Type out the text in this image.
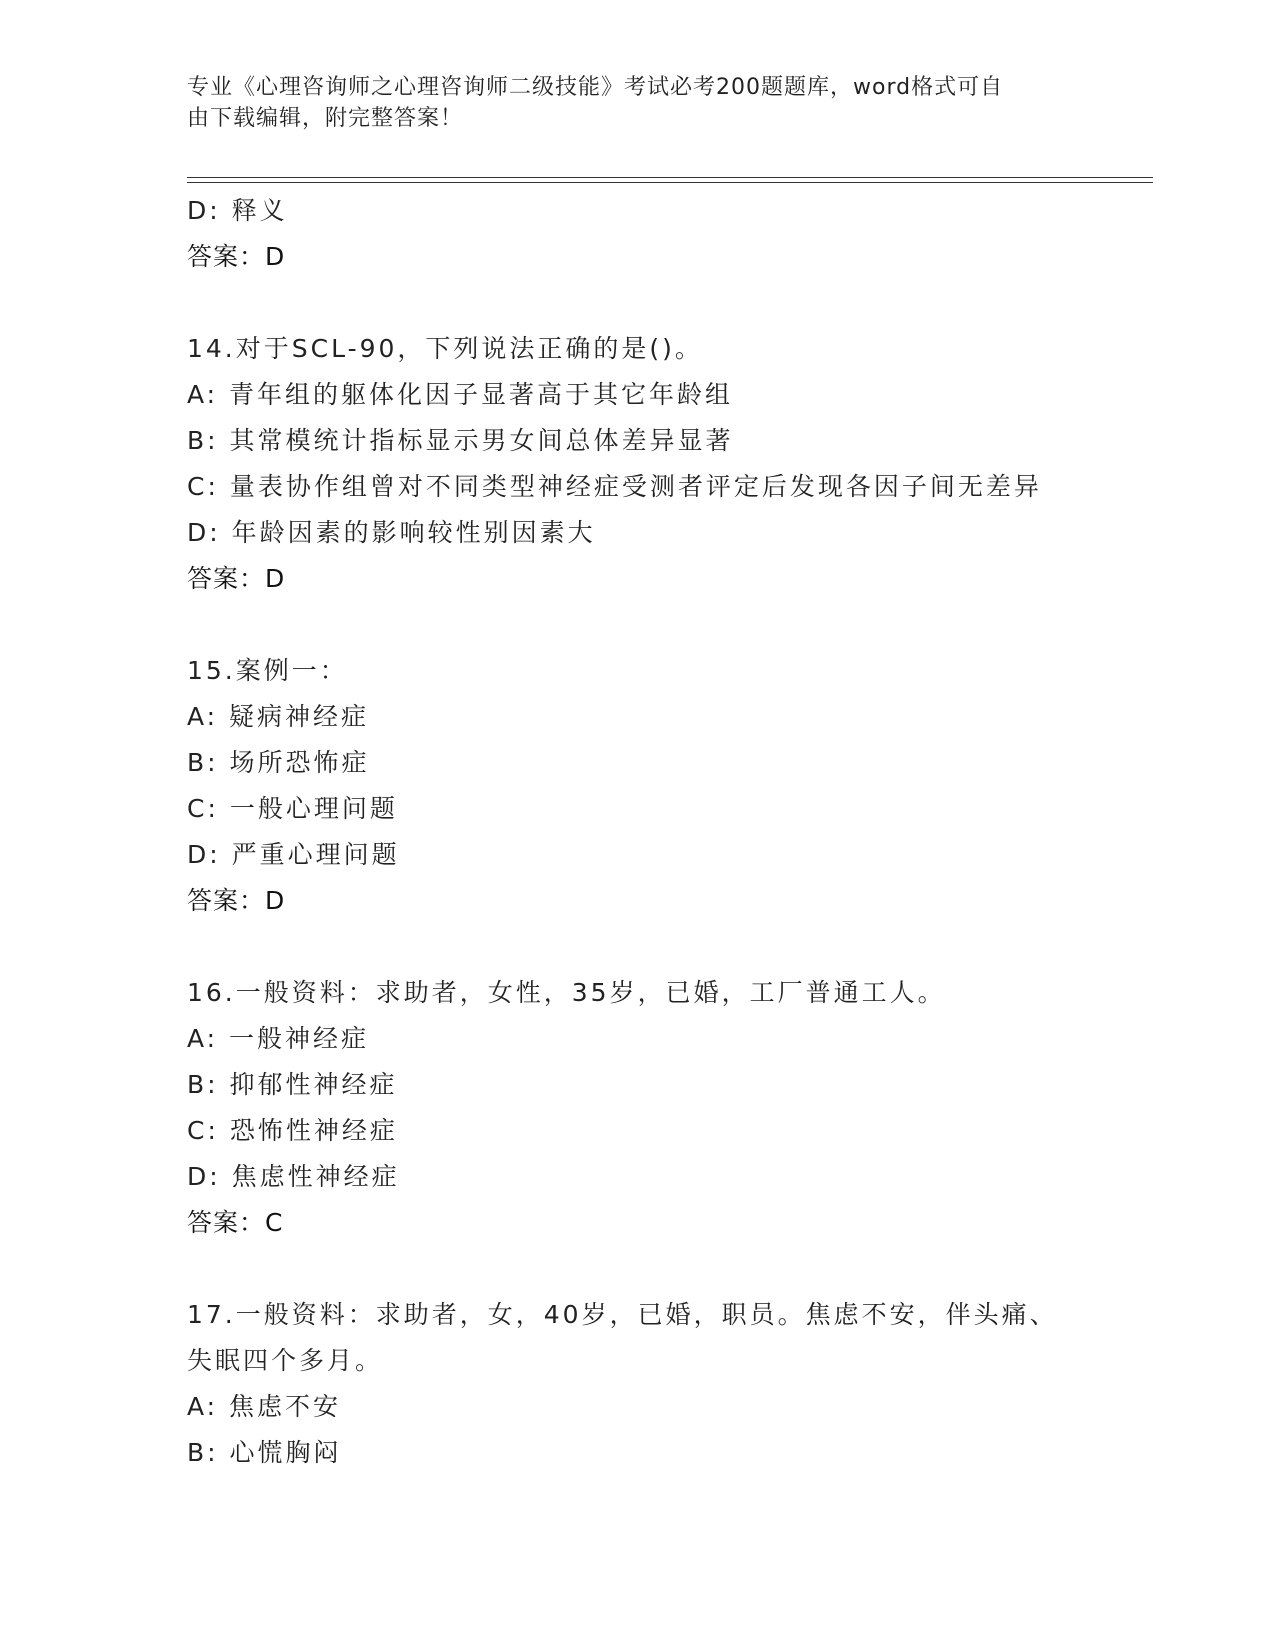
专业《心理咨询师之心理咨询师二级技能》考试必考200题题库，word格式可自
由下载编辑，附完整答案！
D: 释义
答案：D
14.对于SCL-90，下列说法正确的是()。
A: 青年组的躯体化因子显著高于其它年龄组
B: 其常模统计指标显示男女间总体差异显著
C: 量表协作组曾对不同类型神经症受测者评定后发现各因子间无差异
D: 年龄因素的影响较性别因素大
答案：D
15.案例一：
A: 疑病神经症
B: 场所恐怖症
C: 一般心理问题
D: 严重心理问题
答案：D
16.一般资料：求助者，女性，35岁，已婚，工厂普通工人。
A: 一般神经症
B: 抑郁性神经症
C: 恐怖性神经症
D: 焦虑性神经症
答案：C
17.一般资料：求助者，女，40岁，已婚，职员。焦虑不安，伴头痛、
失眠四个多月。
A: 焦虑不安
B: 心慌胸闷
